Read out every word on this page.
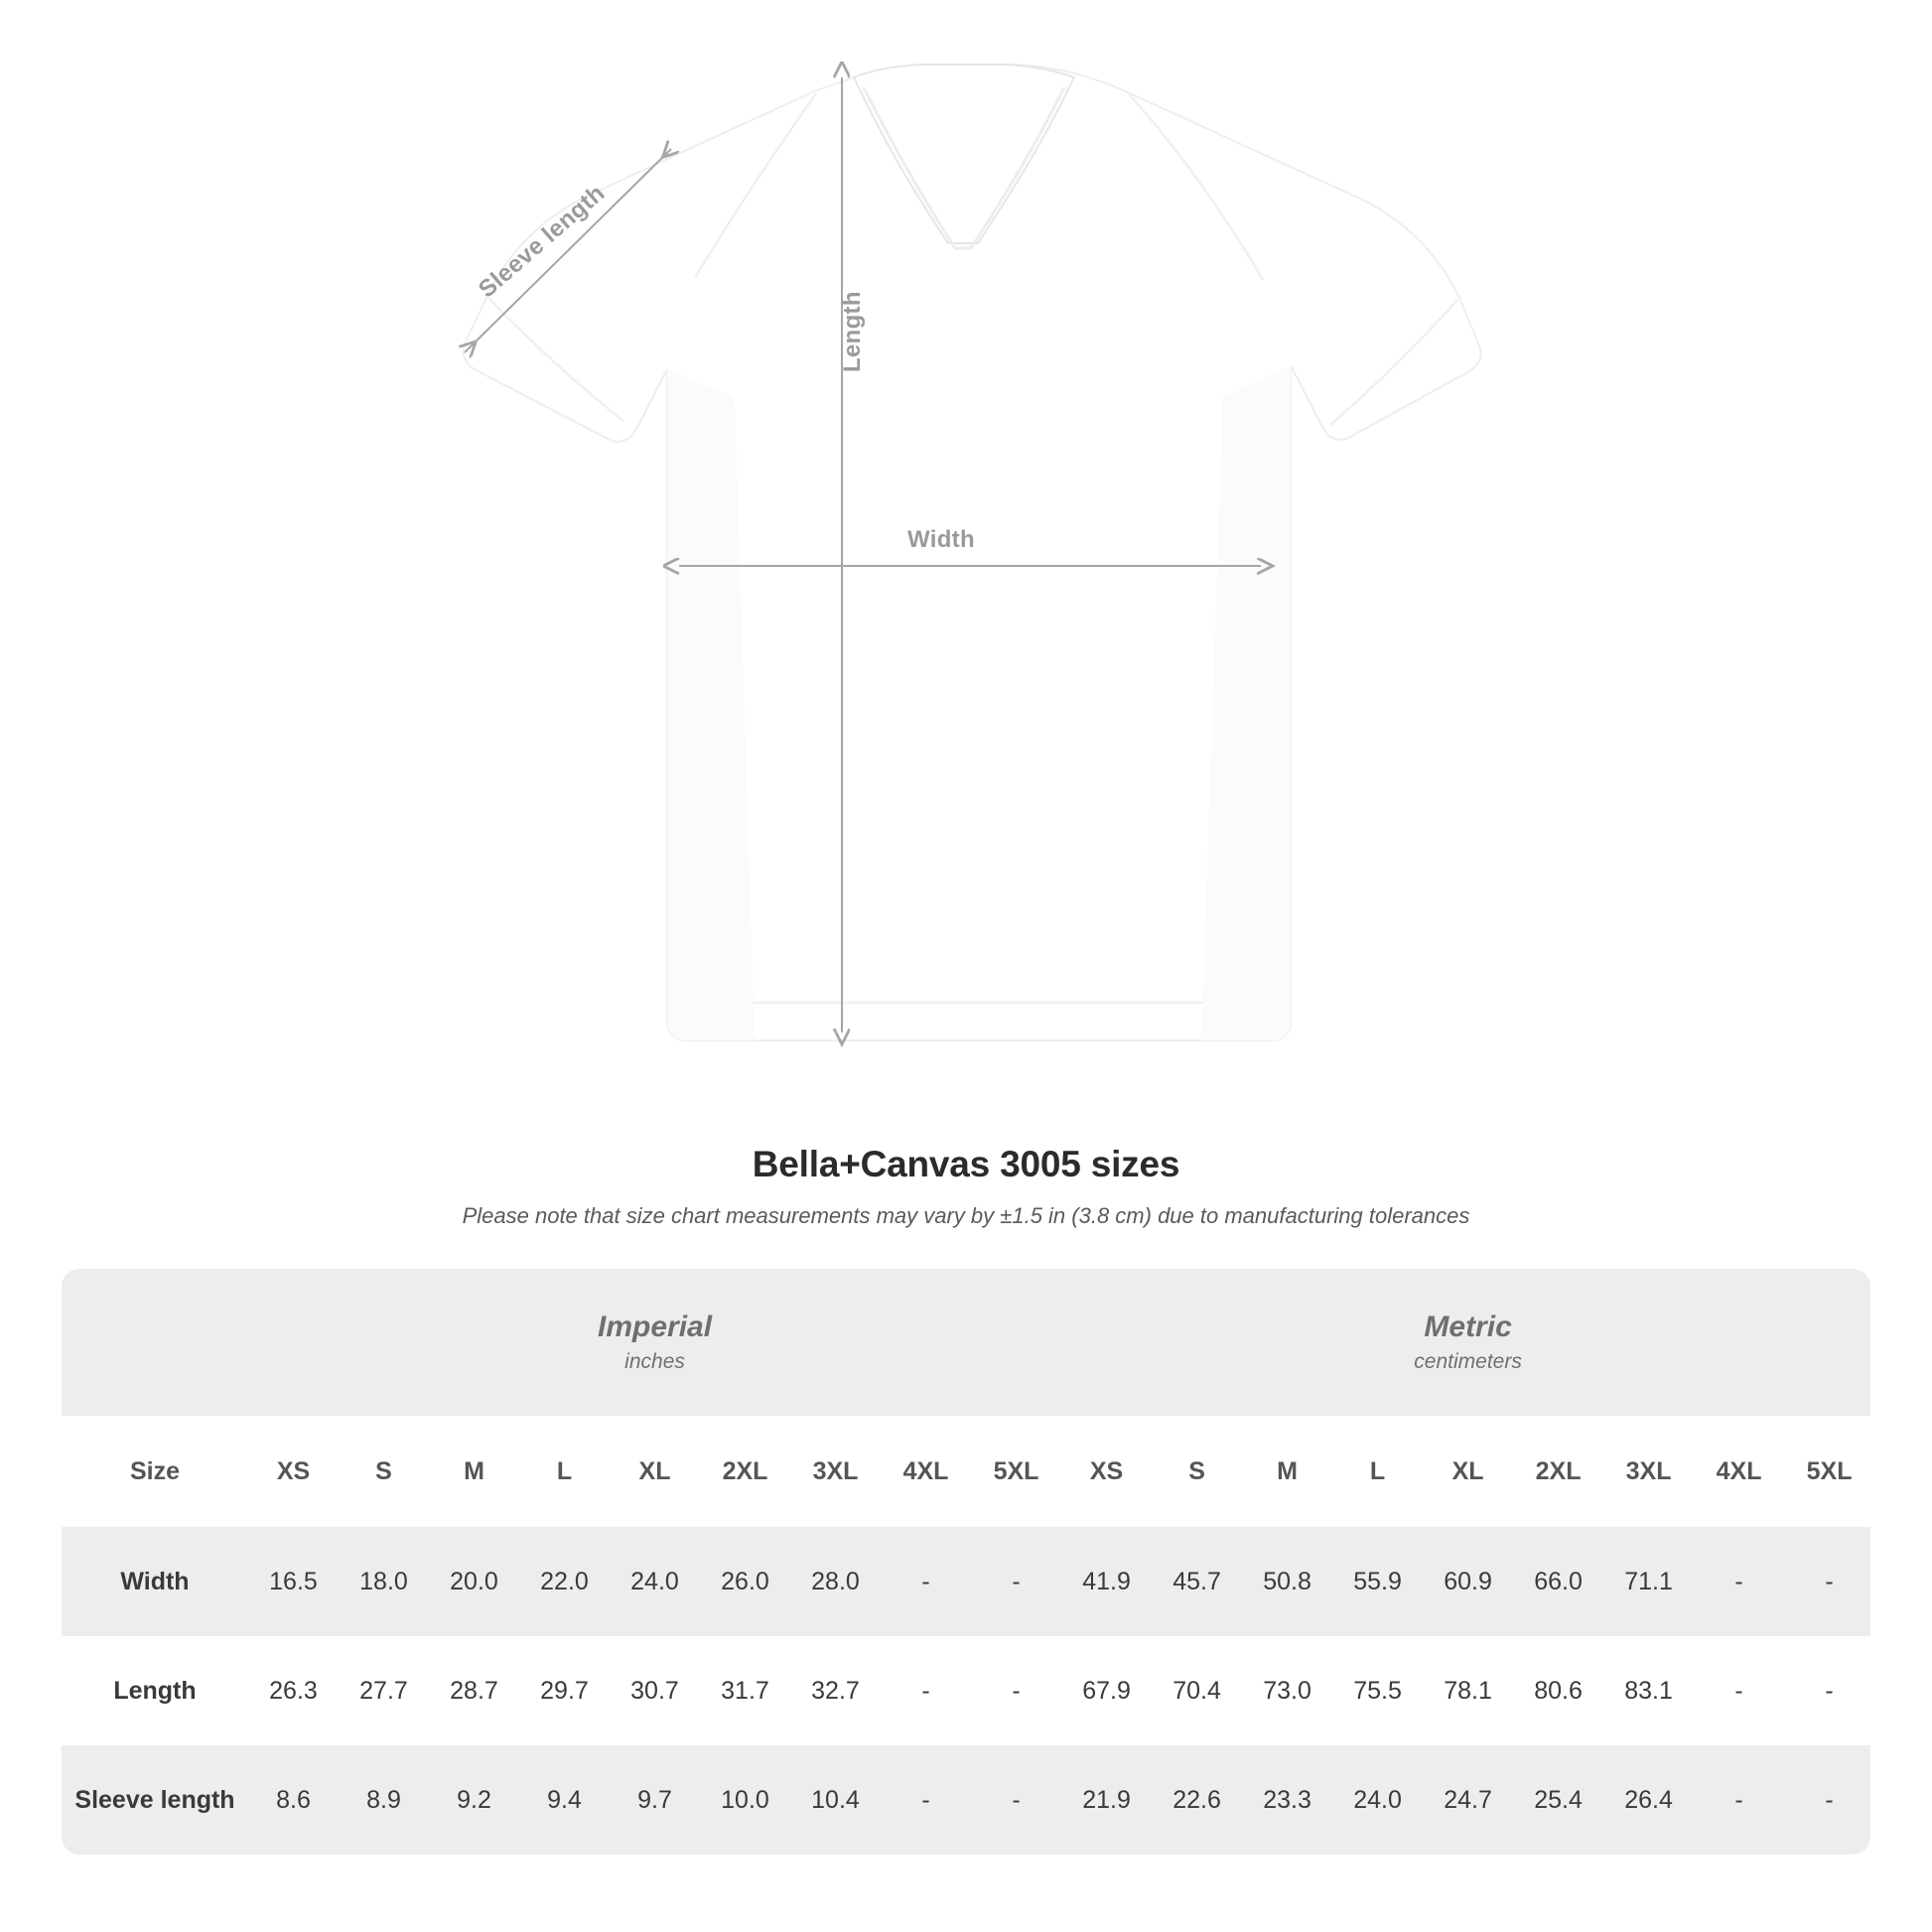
Width
Length
Sleeve length
Bella+Canvas 3005 sizes
Please note that size chart measurements may vary by ±1.5 in (3.8 cm) due to manufacturing tolerances

Imperial
inches

Metric
centimeters

Size	XS	S	M	L	XL	2XL	3XL	4XL	5XL	XS	S	M	L	XL	2XL	3XL	4XL	5XL
Width	16.5	18.0	20.0	22.0	24.0	26.0	28.0	-	-	41.9	45.7	50.8	55.9	60.9	66.0	71.1	-	-
Length	26.3	27.7	28.7	29.7	30.7	31.7	32.7	-	-	67.9	70.4	73.0	75.5	78.1	80.6	83.1	-	-
Sleeve length	8.6	8.9	9.2	9.4	9.7	10.0	10.4	-	-	21.9	22.6	23.3	24.0	24.7	25.4	26.4	-	-
